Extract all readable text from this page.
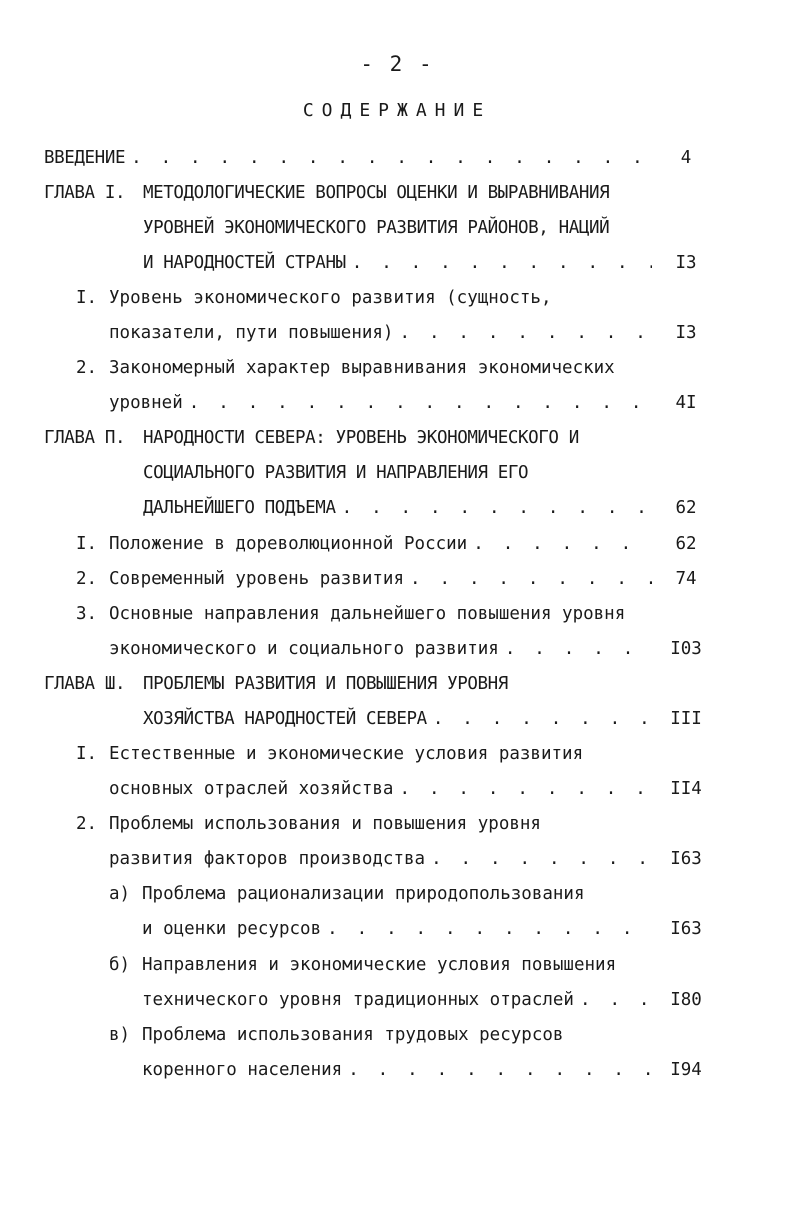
- 2 -
СОДЕРЖАНИЕ
ВВЕДЕНИЕ . . .	4
ГЛАВА I.	МЕТОДОЛОГИЧЕСКИЕ ВОПРОСЫ ОЦЕНКИ И ВЫРАВНИВАНИЯ
УРОВНЕЙ ЭКОНОМИЧЕСКОГО РАЗВИТИЯ РАЙОНОВ, НАЦИЙ
И НАРОДНОСТЕЙ СТРАНЫ . . .	I3
I. Уровень экономического развития (сущность,
показатели, пути повышения) . . .	I3
2. Закономерный характер выравнивания экономических
уровней . . .	4I
ГЛАВА П.	НАРОДНОСТИ СЕВЕРА: УРОВЕНЬ ЭКОНОМИЧЕСКОГО И
СОЦИАЛЬНОГО РАЗВИТИЯ И НАПРАВЛЕНИЯ ЕГО
ДАЛЬНЕЙШЕГО ПОДЪЕМА . . .	62
I. Положение в дореволюционной России . . .	62
2. Современный уровень развития . . .	74
3. Основные направления дальнейшего повышения уровня
экономического и социального развития . . .	I03
ГЛАВА Ш.	ПРОБЛЕМЫ РАЗВИТИЯ И ПОВЫШЕНИЯ УРОВНЯ
ХОЗЯЙСТВА НАРОДНОСТЕЙ СЕВЕРА . . .	III
I. Естественные и экономические условия развития
основных отраслей хозяйства . . .	II4
2. Проблемы использования и повышения уровня
развития факторов производства . . .	I63
а) Проблема рационализации природопользования
и оценки ресурсов . . .	I63
б) Направления и экономические условия повышения
технического уровня традиционных отраслей . . .	I80
в) Проблема использования трудовых ресурсов
коренного населения . . .	I94
